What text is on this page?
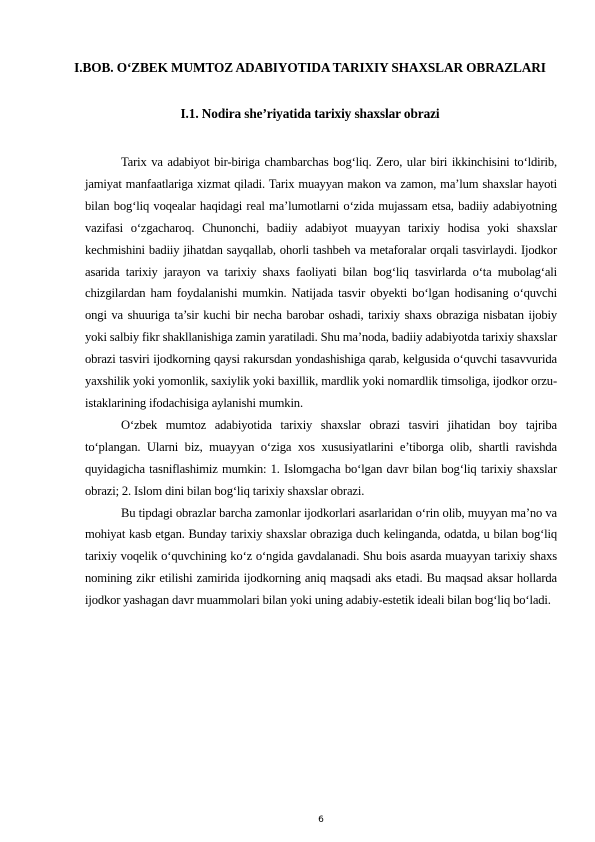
I.BOB. O‘ZBEK MUMTOZ ADABIYOTIDA TARIXIY SHAXSLAR OBRAZLARI
I.1. Nodira she’riyatida tarixiy shaxslar obrazi

Tarix va adabiyot bir-biriga chambarchas bog‘liq. Zero, ular biri ikkinchisini to‘ldirib, jamiyat manfaatlariga xizmat qiladi. Tarix muayyan makon va zamon, ma’lum shaxslar hayoti bilan bog‘liq voqealar haqidagi real ma’lumotlarni o‘zida mujassam etsa, badiiy adabiyotning vazifasi o‘zgacharoq. Chunonchi, badiiy adabiyot muayyan tarixiy hodisa yoki shaxslar kechmishini badiiy jihatdan sayqallab, ohorli tashbeh va metaforalar orqali tasvirlaydi. Ijodkor asarida tarixiy jarayon va tarixiy shaxs faoliyati bilan bog‘liq tasvirlarda o‘ta mubolag‘ali chizgilardan ham foydalanishi mumkin. Natijada tasvir obyekti bo‘lgan hodisaning o‘quvchi ongi va shuuriga ta’sir kuchi bir necha barobar oshadi, tarixiy shaxs obraziga nisbatan ijobiy yoki salbiy fikr shakllanishiga zamin yaratiladi. Shu ma’noda, badiiy adabiyotda tarixiy shaxslar obrazi tasviri ijodkorning qaysi rakursdan yondashishiga qarab, kelgusida o‘quvchi tasavvurida yaxshilik yoki yomonlik, saxiylik yoki baxillik, mardlik yoki nomardlik timsoliga, ijodkor orzu-istaklarining ifodachisiga aylanishi mumkin.

O‘zbek mumtoz adabiyotida tarixiy shaxslar obrazi tasviri jihatidan boy tajriba to‘plangan. Ularni biz, muayyan o‘ziga xos xususiyatlarini e’tiborga olib, shartli ravishda quyidagicha tasniflashimiz mumkin: 1. Islomgacha bo‘lgan davr bilan bog‘liq tarixiy shaxslar obrazi; 2. Islom dini bilan bog‘liq tarixiy shaxslar obrazi.

Bu tipdagi obrazlar barcha zamonlar ijodkorlari asarlaridan o‘rin olib, muyyan ma’no va mohiyat kasb etgan. Bunday tarixiy shaxslar obraziga duch kelinganda, odatda, u bilan bog‘liq tarixiy voqelik o‘quvchining ko‘z o‘ngida gavdalanadi. Shu bois asarda muayyan tarixiy shaxs nomining zikr etilishi zamirida ijodkorning aniq maqsadi aks etadi. Bu maqsad aksar hollarda ijodkor yashagan davr muammolari bilan yoki uning adabiy-estetik ideali bilan bog‘liq bo‘ladi.

6
